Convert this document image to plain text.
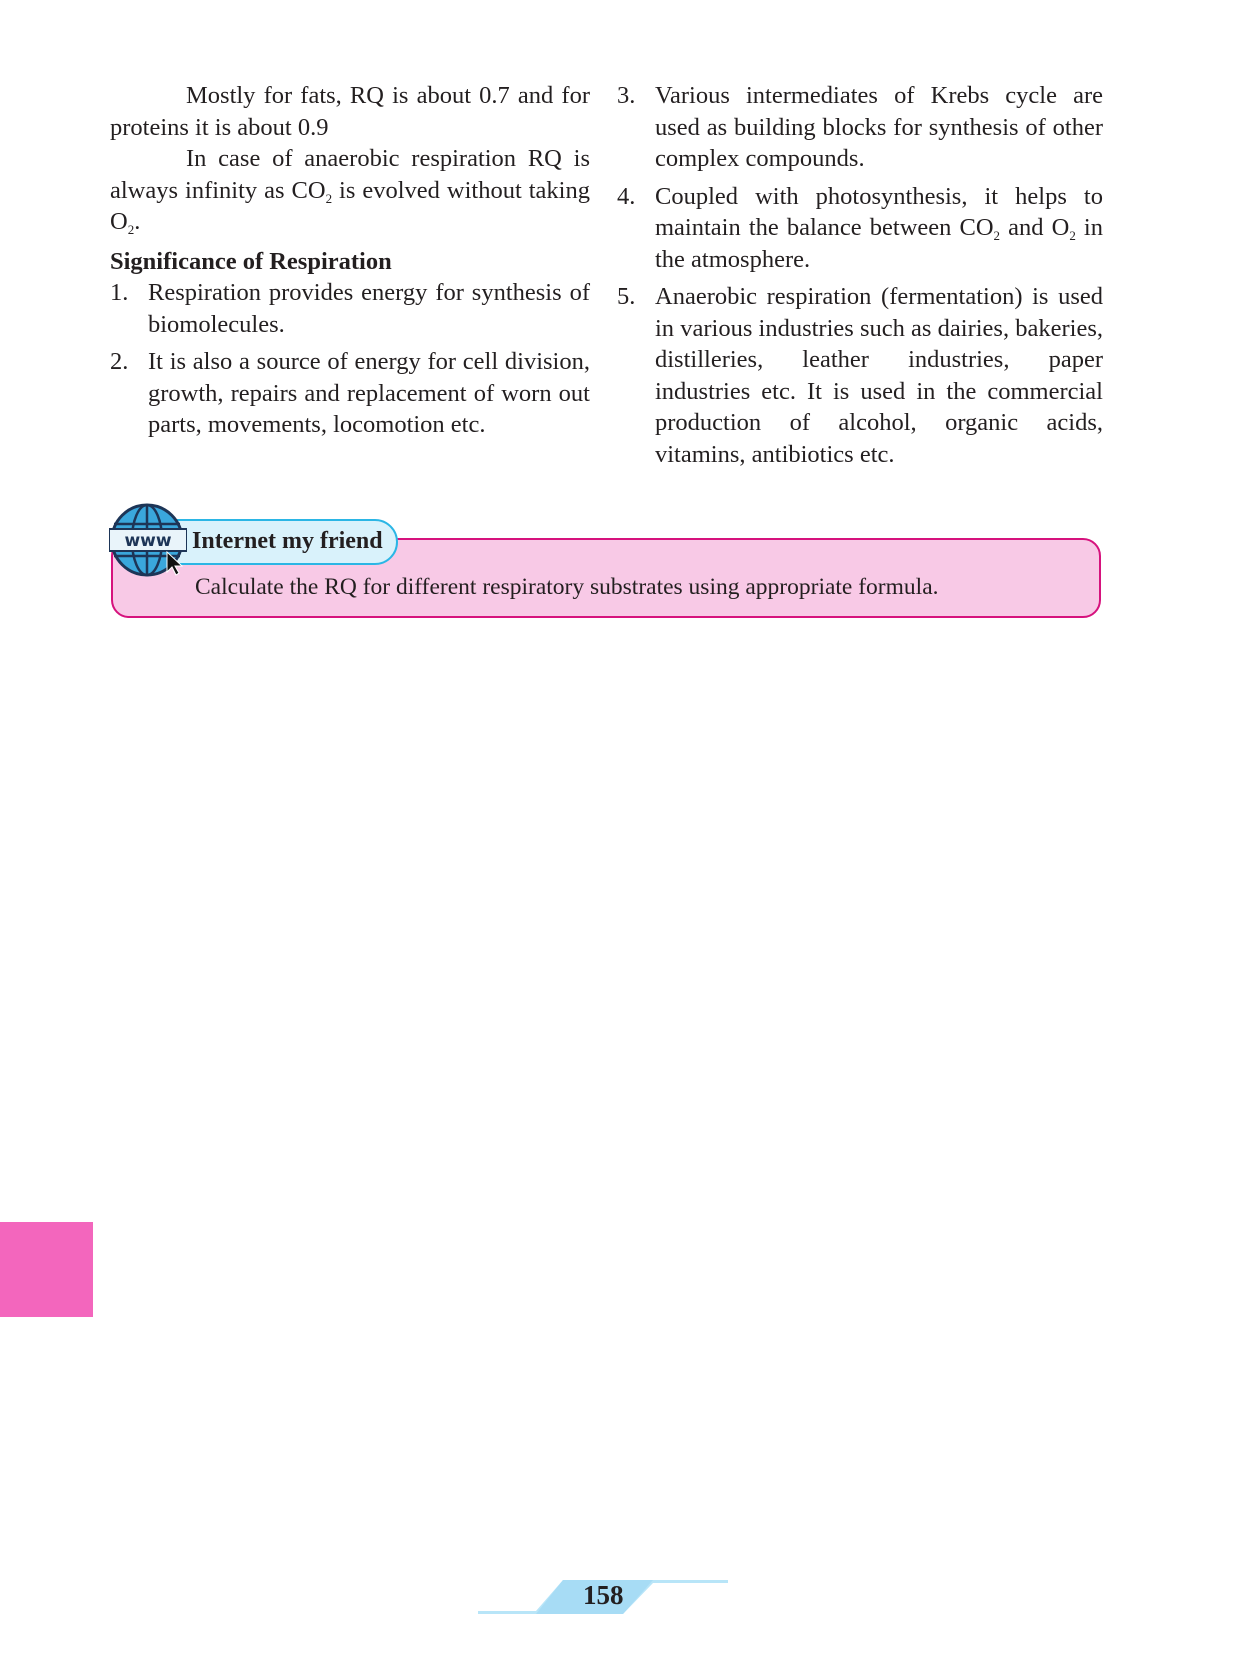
Mostly for fats, RQ is about 0.7 and for proteins it is about 0.9

In case of anaerobic respiration RQ is always infinity as $CO_2$ is evolved without taking $O_2$.

Significance of Respiration

1. Respiration provides energy for synthesis of biomolecules.
2. It is also a source of energy for cell division, growth, repairs and replacement of worn out parts, movements, locomotion etc.
3. Various intermediates of Krebs cycle are used as building blocks for synthesis of other complex compounds.
4. Coupled with photosynthesis, it helps to maintain the balance between $CO_2$ and $O_2$ in the atmosphere.
5. Anaerobic respiration (fermentation) is used in various industries such as dairies, bakeries, distilleries, leather industries, paper industries etc. It is used in the commercial production of alcohol, organic acids, vitamins, antibiotics etc.
Calculate the RQ for different respiratory substrates using appropriate formula.
Internet my friend
www
158
